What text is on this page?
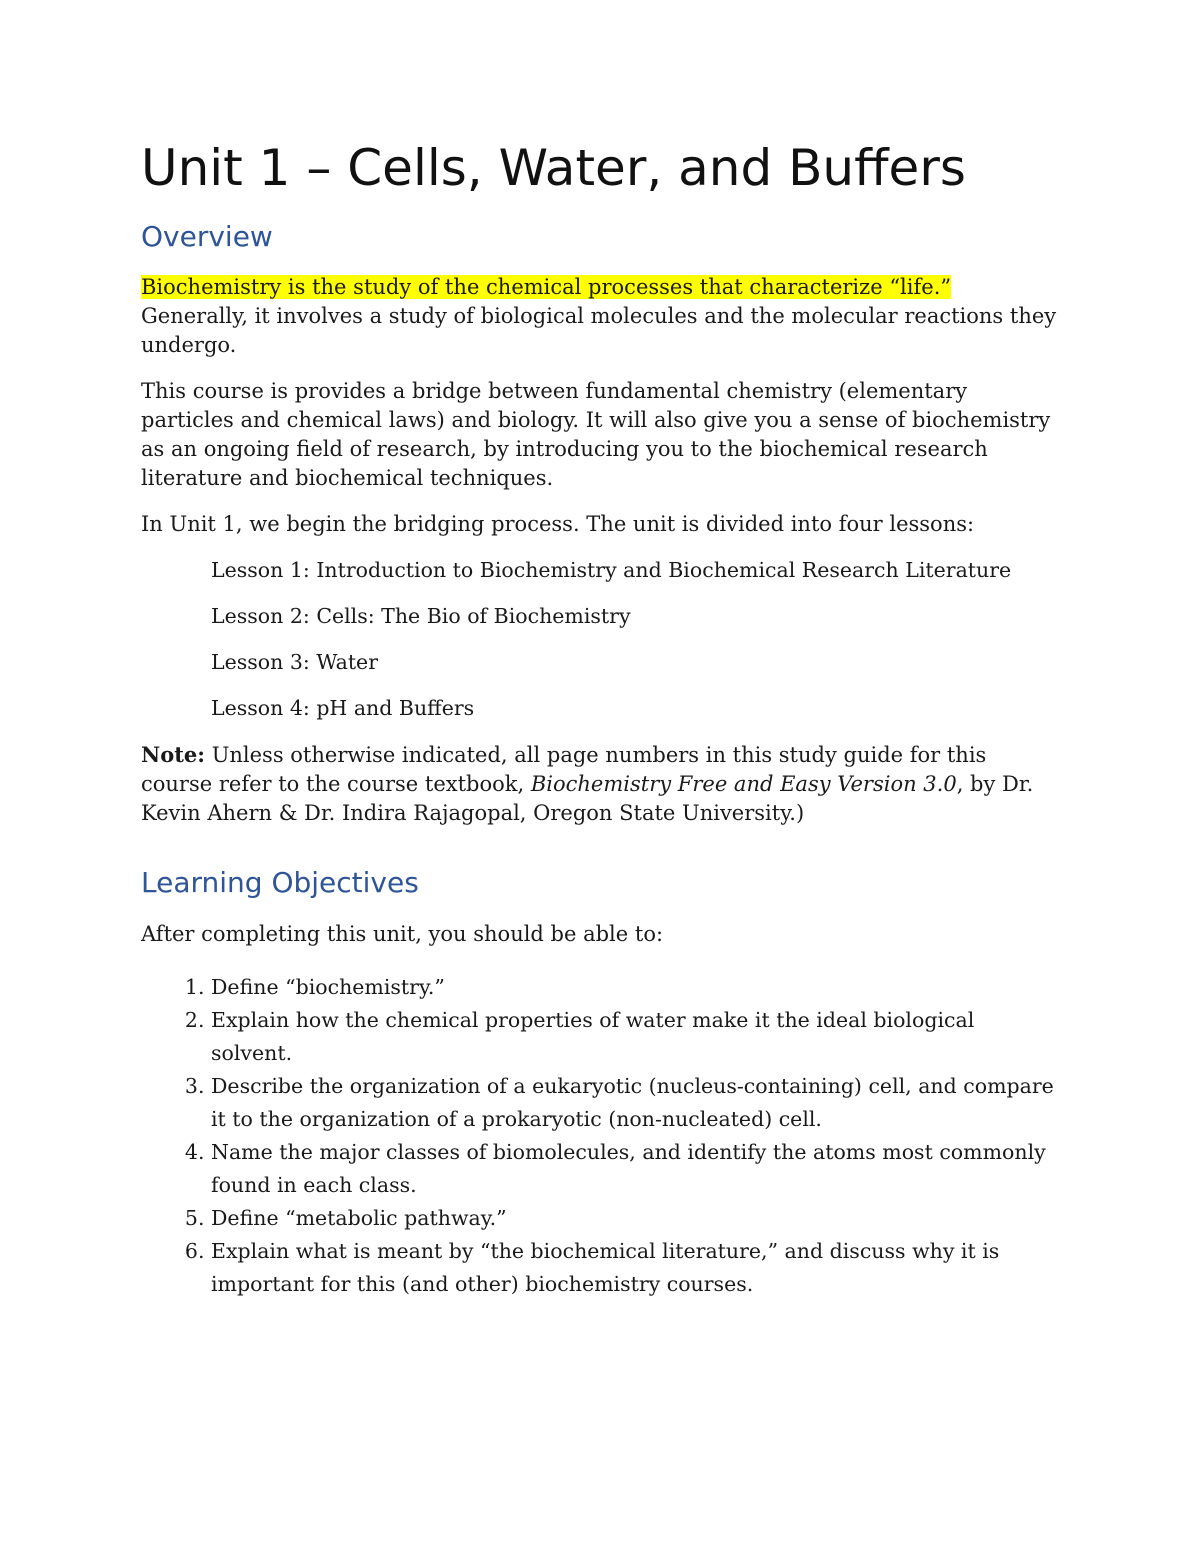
Unit 1 – Cells, Water, and Buffers
Overview

Biochemistry is the study of the chemical processes that characterize “life.” Generally, it involves a study of biological molecules and the molecular reactions they undergo.

This course is provides a bridge between fundamental chemistry (elementary particles and chemical laws) and biology. It will also give you a sense of biochemistry as an ongoing field of research, by introducing you to the biochemical research literature and biochemical techniques.

In Unit 1, we begin the bridging process. The unit is divided into four lessons:

Lesson 1: Introduction to Biochemistry and Biochemical Research Literature
Lesson 2: Cells: The Bio of Biochemistry
Lesson 3: Water
Lesson 4: pH and Buffers

Note: Unless otherwise indicated, all page numbers in this study guide for this course refer to the course textbook, Biochemistry Free and Easy Version 3.0, by Dr. Kevin Ahern & Dr. Indira Rajagopal, Oregon State University.)

Learning Objectives

After completing this unit, you should be able to:

1. Define “biochemistry.”
2. Explain how the chemical properties of water make it the ideal biological solvent.
3. Describe the organization of a eukaryotic (nucleus-containing) cell, and compare it to the organization of a prokaryotic (non-nucleated) cell.
4. Name the major classes of biomolecules, and identify the atoms most commonly found in each class.
5. Define “metabolic pathway.”
6. Explain what is meant by “the biochemical literature,” and discuss why it is important for this (and other) biochemistry courses.
